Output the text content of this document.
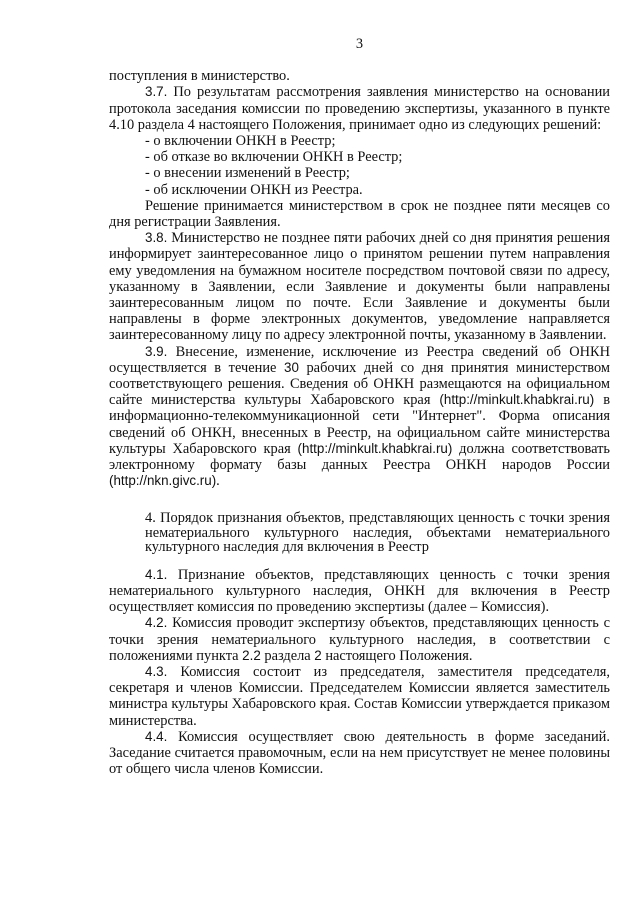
3

поступления в министерство.

3.7. По результатам рассмотрения заявления министерство на основании протокола заседания комиссии по проведению экспертизы, указанного в пункте 4.10 раздела 4 настоящего Положения, принимает одно из следующих решений:

- о включении ОНКН в Реестр;

- об отказе во включении ОНКН в Реестр;

- о внесении изменений в Реестр;

- об исключении ОНКН из Реестра.

Решение принимается министерством в срок не позднее пяти месяцев со дня регистрации Заявления.

3.8. Министерство не позднее пяти рабочих дней со дня принятия решения информирует заинтересованное лицо о принятом решении путем направления ему уведомления на бумажном носителе посредством почтовой связи по адресу, указанному в Заявлении, если Заявление и документы были направлены заинтересованным лицом по почте. Если Заявление и документы были направлены в форме электронных документов, уведомление направляется заинтересованному лицу по адресу электронной почты, указанному в Заявлении.

3.9. Внесение, изменение, исключение из Реестра сведений об ОНКН осуществляется в течение 30 рабочих дней со дня принятия министерством соответствующего решения. Сведения об ОНКН размещаются на официальном сайте министерства культуры Хабаровского края (http://minkult.khabkrai.ru) в информационно-телекоммуникационной сети "Интернет". Форма описания сведений об ОНКН, внесенных в Реестр, на официальном сайте министерства культуры Хабаровского края (http://minkult.khabkrai.ru) должна соответствовать электронному формату базы данных Реестра ОНКН народов России (http://nkn.givc.ru).

4. Порядок признания объектов, представляющих ценность с точки зрения нематериального культурного наследия, объектами нематериального культурного наследия для включения в Реестр

4.1. Признание объектов, представляющих ценность с точки зрения нематериального культурного наследия, ОНКН для включения в Реестр осуществляет комиссия по проведению экспертизы (далее – Комиссия).

4.2. Комиссия проводит экспертизу объектов, представляющих ценность с точки зрения нематериального культурного наследия, в соответствии с положениями пункта 2.2 раздела 2 настоящего Положения.

4.3. Комиссия состоит из председателя, заместителя председателя, секретаря и членов Комиссии. Председателем Комиссии является заместитель министра культуры Хабаровского края. Состав Комиссии утверждается приказом министерства.

4.4. Комиссия осуществляет свою деятельность в форме заседаний. Заседание считается правомочным, если на нем присутствует не менее половины от общего числа членов Комиссии.
